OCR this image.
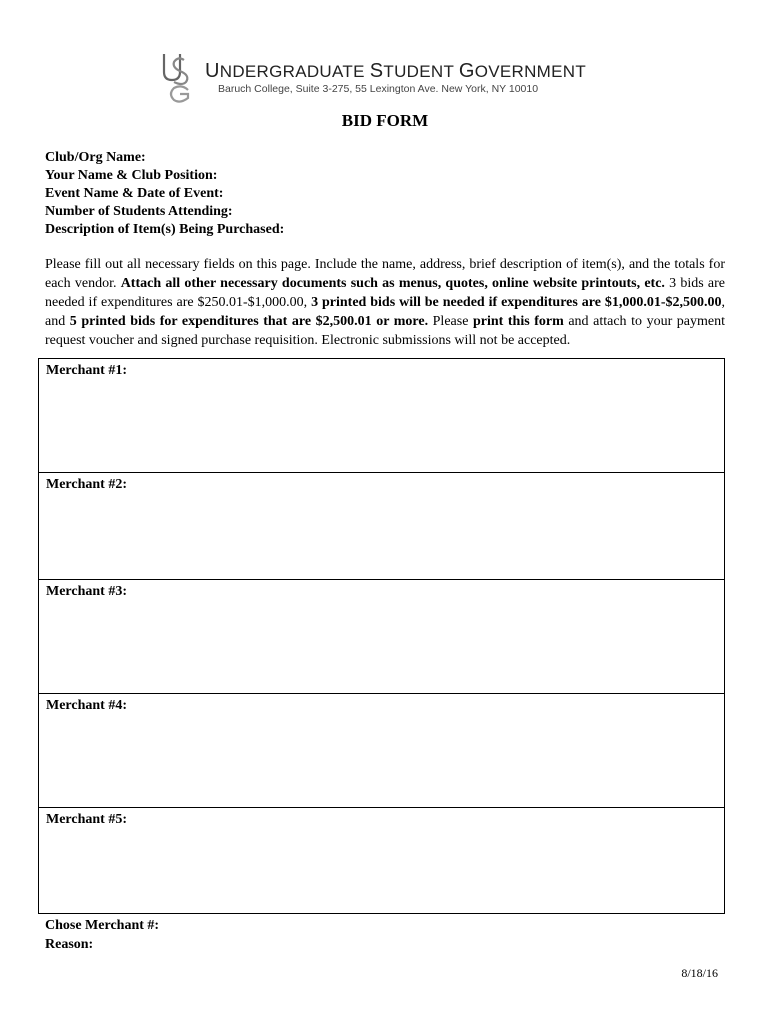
UNDERGRADUATE STUDENT GOVERNMENT
Baruch College, Suite 3-275, 55 Lexington Ave. New York, NY 10010
BID FORM
Club/Org Name:
Your Name & Club Position:
Event Name & Date of Event:
Number of Students Attending:
Description of Item(s) Being Purchased:
Please fill out all necessary fields on this page. Include the name, address, brief description of item(s), and the totals for each vendor. Attach all other necessary documents such as menus, quotes, online website printouts, etc. 3 bids are needed if expenditures are $250.01-$1,000.00, 3 printed bids will be needed if expenditures are $1,000.01-$2,500.00, and 5 printed bids for expenditures that are $2,500.01 or more. Please print this form and attach to your payment request voucher and signed purchase requisition. Electronic submissions will not be accepted.
Merchant #1:
Merchant #2:
Merchant #3:
Merchant #4:
Merchant #5:
Chose Merchant #:
Reason:
8/18/16
